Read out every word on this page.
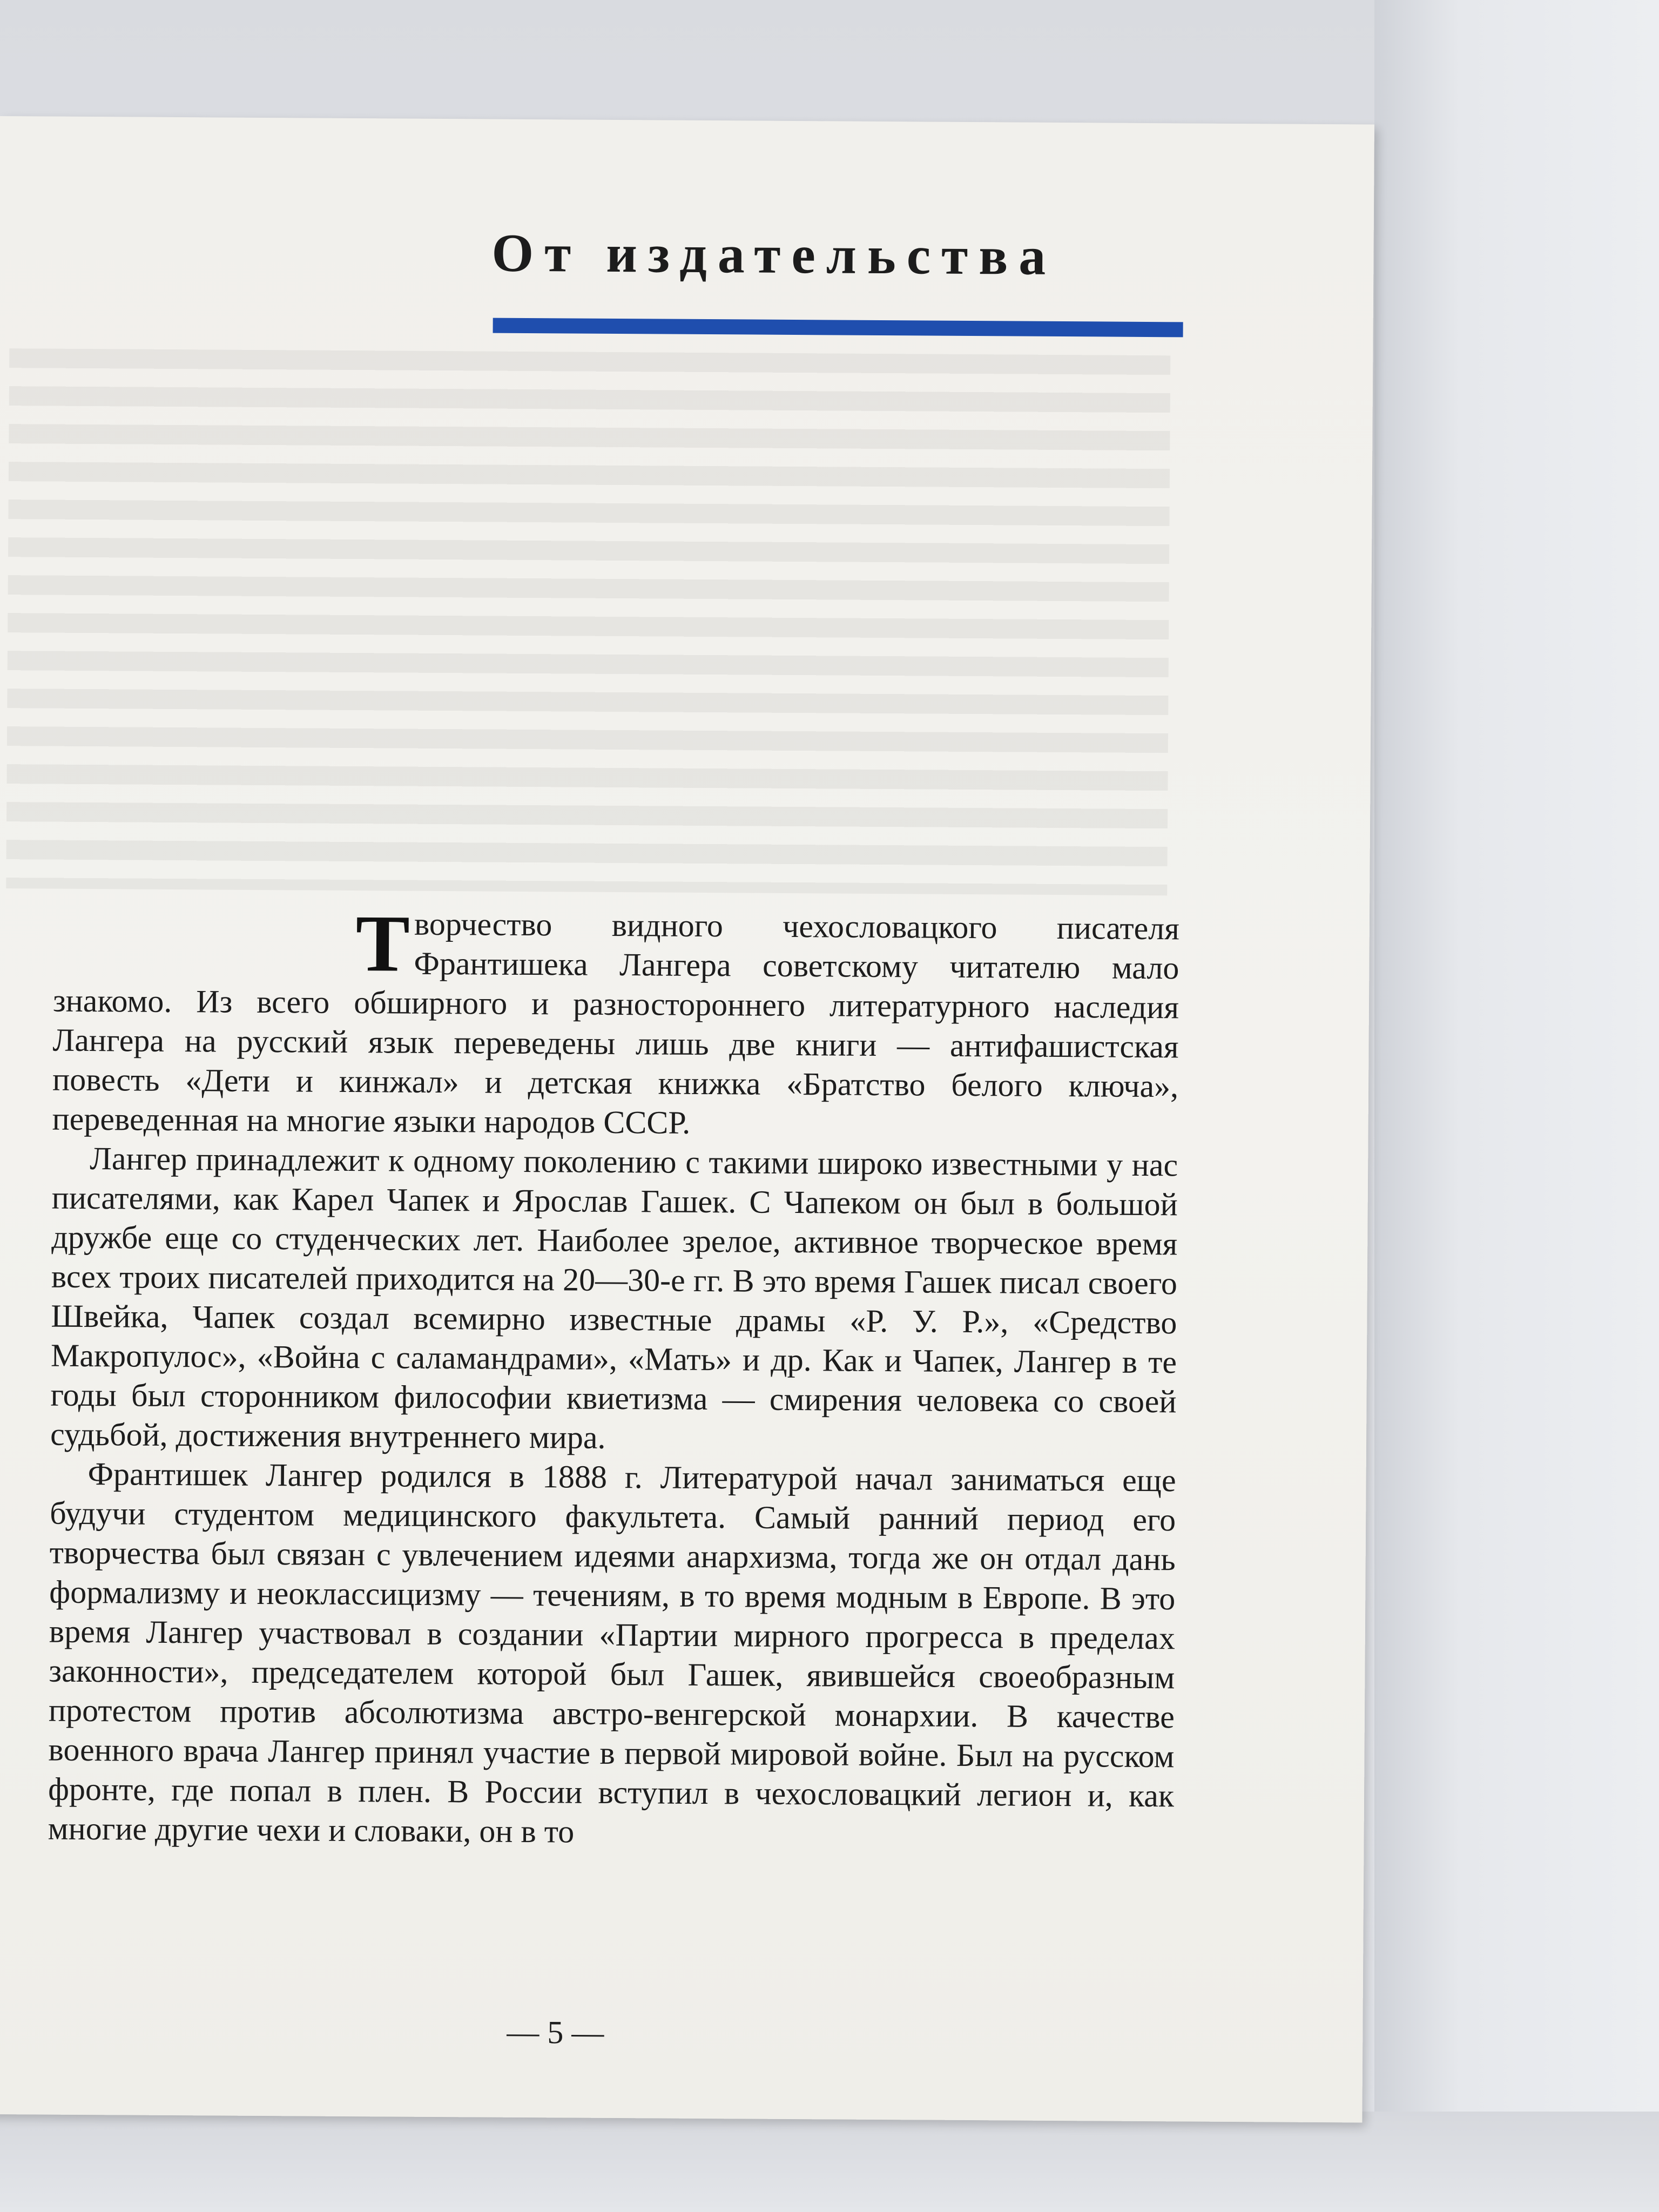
От издательства

Творчество видного чехословацкого писателя Франтишека Лангера советскому читателю мало знакомо. Из всего обширного и разностороннего литературного наследия Лангера на русский язык переведены лишь две книги — антифашистская повесть «Дети и кинжал» и детская книжка «Братство белого ключа», переведенная на многие языки народов СССР.

Лангер принадлежит к одному поколению с такими широко известными у нас писателями, как Карел Чапек и Ярослав Гашек. С Чапеком он был в большой дружбе еще со студенческих лет. Наиболее зрелое, активное творческое время всех троих писателей приходится на 20—30-е гг. В это время Гашек писал своего Швейка, Чапек создал всемирно известные драмы «Р. У. Р.», «Средство Макропулос», «Война с саламандрами», «Мать» и др. Как и Чапек, Лангер в те годы был сторонником философии квиетизма — смирения человека со своей судьбой, достижения внутреннего мира.

Франтишек Лангер родился в 1888 г. Литературой начал заниматься еще будучи студентом медицинского факультета. Самый ранний период его творчества был связан с увлечением идеями анархизма, тогда же он отдал дань формализму и неоклассицизму — течениям, в то время модным в Европе. В это время Лангер участвовал в создании «Партии мирного прогресса в пределах законности», председателем которой был Гашек, явившейся своеобразным протестом против абсолютизма австро-венгерской монархии. В качестве военного врача Лангер принял участие в первой мировой войне. Был на русском фронте, где попал в плен. В России вступил в чехословацкий легион и, как многие другие чехи и словаки, он в то

— 5 —
